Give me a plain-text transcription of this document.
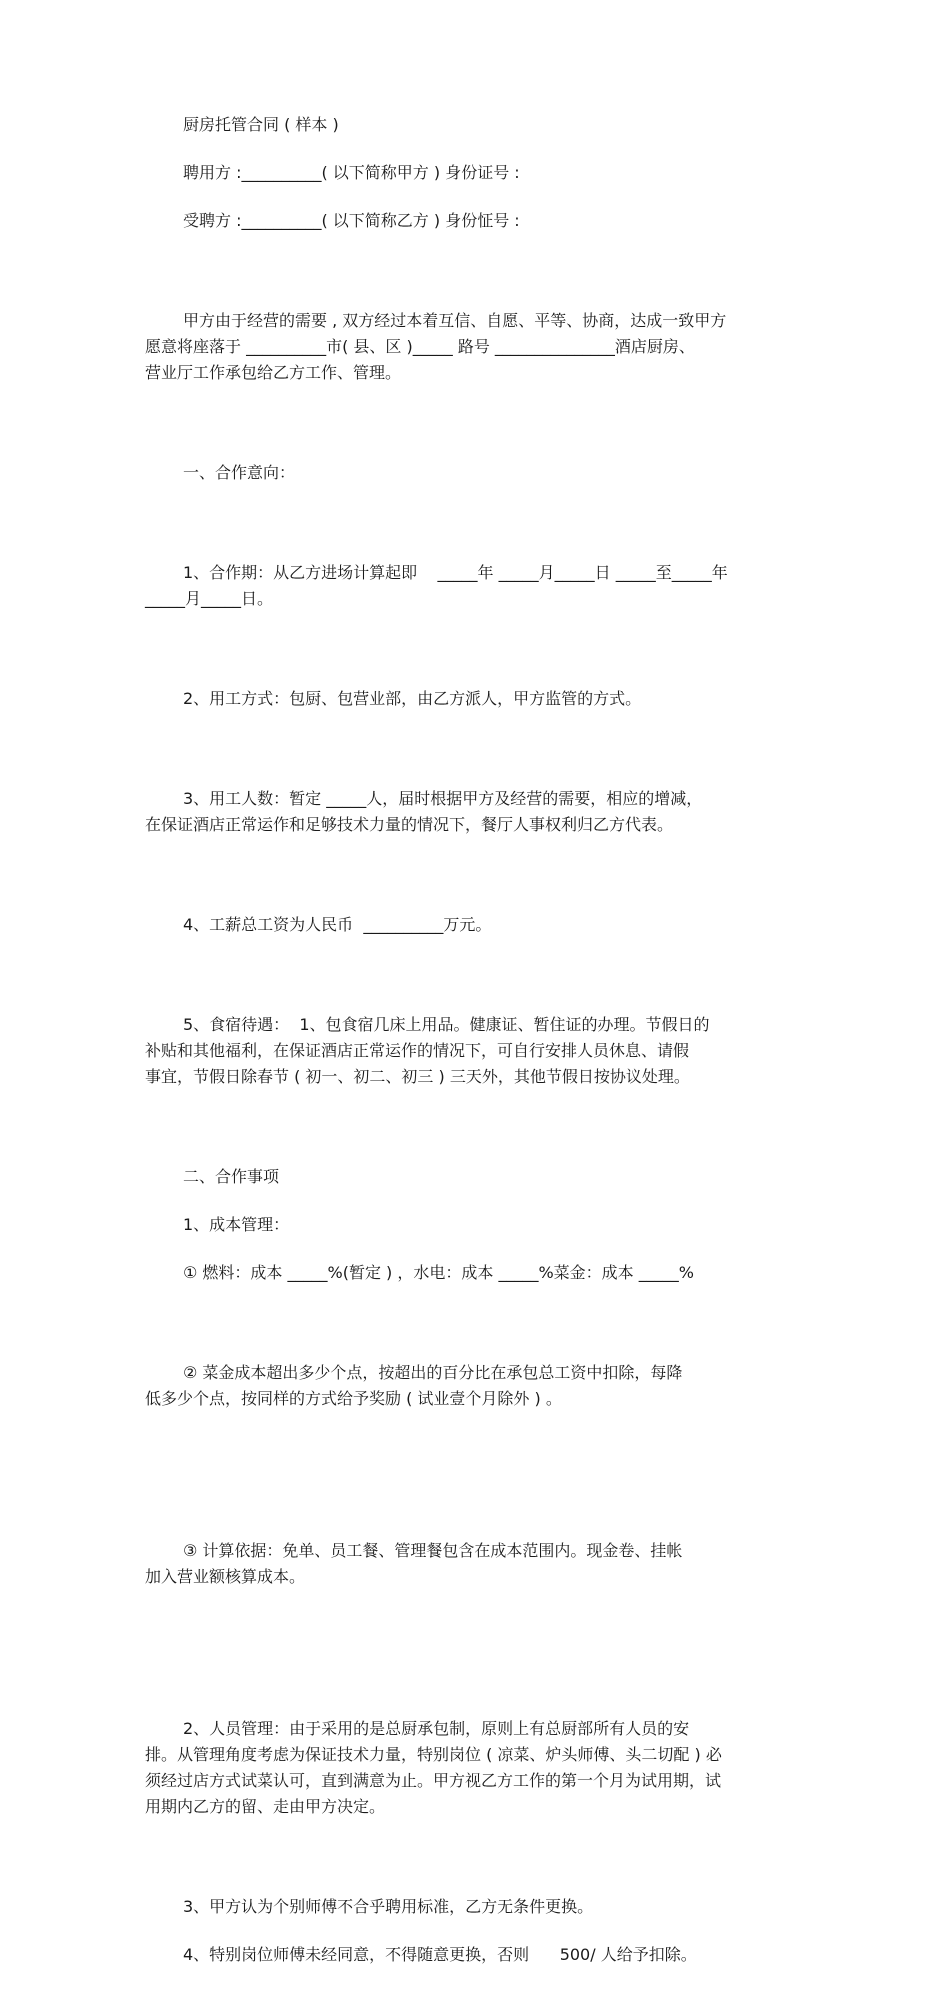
厨房托管合同 ( 样本 )

聘用方 :__________( 以下简称甲方 ) 身份证号 :

受聘方 :__________( 以下简称乙方 ) 身份怔号 :

甲方由于经营的需要 , 双方经过本着互信、自愿、平等、协商，达成一致甲方
愿意将座落于 __________市( 县、区 )_____ 路号 _______________酒店厨房、
营业厅工作承包给乙方工作、管理。

一、合作意向：

1、合作期：从乙方进场计算起即    _____年 _____月_____日 _____至_____年
_____月_____日。

2、用工方式：包厨、包营业部，由乙方派人，甲方监管的方式。

3、用工人数：暂定 _____人，届时根据甲方及经营的需要，相应的增减，
在保证酒店正常运作和足够技术力量的情况下，餐厅人事权利归乙方代表。

4、工薪总工资为人民币  __________万元。

5、食宿待遇：  1、包食宿几床上用品。健康证、暂住证的办理。节假日的
补贴和其他福利，在保证酒店正常运作的情况下，可自行安排人员休息、请假
事宜，节假日除春节 ( 初一、初二、初三 ) 三天外，其他节假日按协议处理。

二、合作事项

1、成本管理：

① 燃料：成本 _____%(暂定 ) ，水电：成本 _____%菜金：成本 _____%

② 菜金成本超出多少个点，按超出的百分比在承包总工资中扣除，每降
低多少个点，按同样的方式给予奖励 ( 试业壹个月除外 ) 。

③ 计算依据：免单、员工餐、管理餐包含在成本范围内。现金卷、挂帐
加入营业额核算成本。

2、人员管理：由于采用的是总厨承包制，原则上有总厨部所有人员的安
排。从管理角度考虑为保证技术力量，特别岗位 ( 凉菜、炉头师傅、头二切配 ) 必
须经过店方式试菜认可，直到满意为止。甲方视乙方工作的第一个月为试用期，试
用期内乙方的留、走由甲方决定。

3、甲方认为个别师傅不合乎聘用标准，乙方无条件更换。

4、特别岗位师傅未经同意，不得随意更换，否则      500/ 人给予扣除。
